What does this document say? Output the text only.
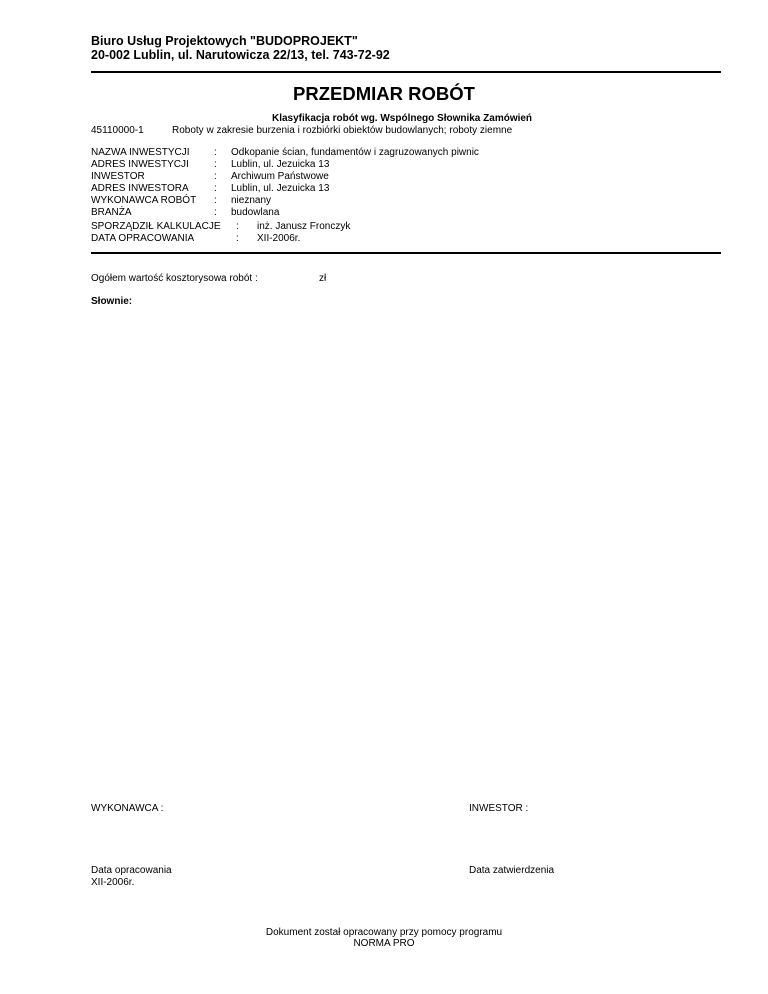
Biuro Usług Projektowych "BUDOPROJEKT"
20-002 Lublin, ul. Narutowicza 22/13, tel. 743-72-92
PRZEDMIAR ROBÓT
Klasyfikacja robót wg. Wspólnego Słownika Zamówień
45110000-1	Roboty w zakresie burzenia i rozbiórki obiektów budowlanych; roboty ziemne
NAZWA INWESTYCJI : Odkopanie ścian, fundamentów i zagruzowanych piwnic
ADRES INWESTYCJI	: Lublin, ul. Jezuicka 13
INWESTOR	: Archiwum Państwowe
ADRES INWESTORA	: Lublin, ul. Jezuicka 13
WYKONAWCA ROBÓT : nieznany
BRANŻA	: budowlana
SPORZĄDZIŁ KALKULACJE : inż. Janusz Fronczyk
DATA OPRACOWANIA	: XII-2006r.
Ogółem wartość kosztorysowa robót :	zł
Słownie:
WYKONAWCA :	INWESTOR :
Data opracowania
XII-2006r.
Data zatwierdzenia
Dokument został opracowany przy pomocy programu
NORMA PRO
